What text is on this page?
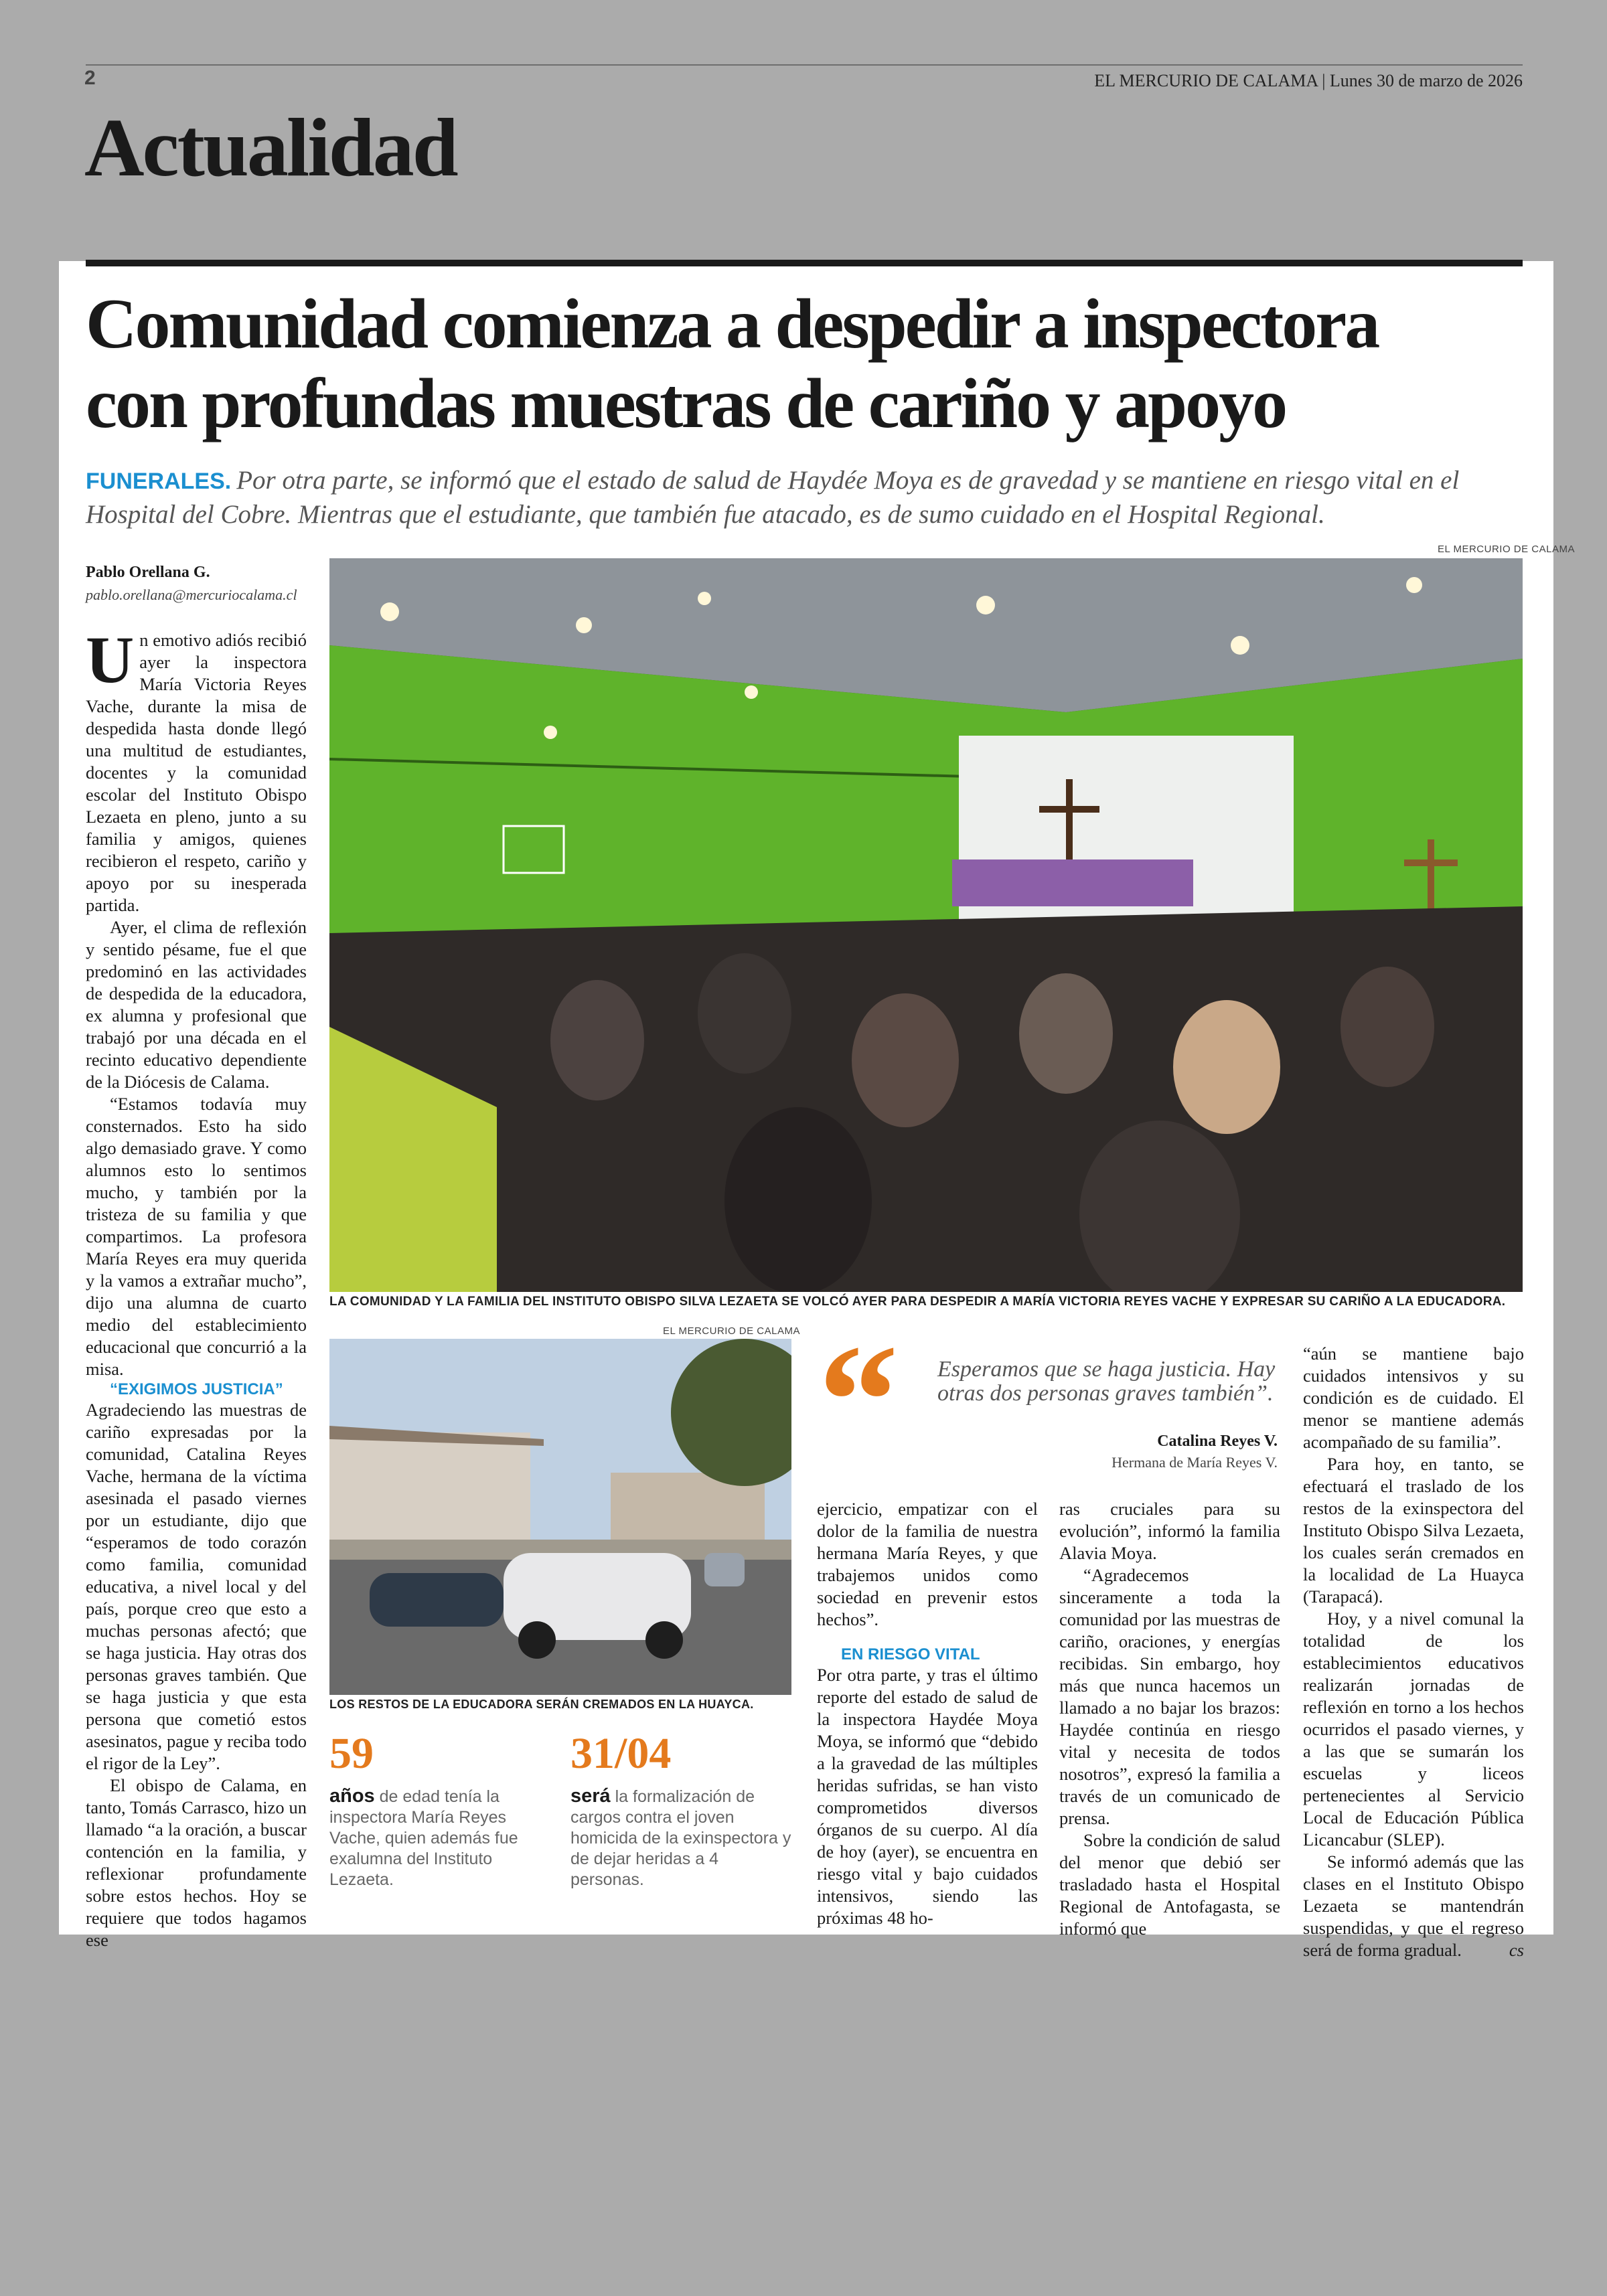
2	EL MERCURIO DE CALAMA | Lunes 30 de marzo de 2026
Actualidad
Comunidad comienza a despedir a inspectora
con profundas muestras de cariño y apoyo
FUNERALES. Por otra parte, se informó que el estado de salud de Haydée Moya es de gravedad y se mantiene en riesgo vital en el Hospital del Cobre. Mientras que el estudiante, que también fue atacado, es de sumo cuidado en el Hospital Regional.
Pablo Orellana G.
pablo.orellana@mercuriocalama.cl

Un emotivo adiós recibió ayer la inspectora María Victoria Reyes Vache, durante la misa de despedida hasta donde llegó una multitud de estudiantes, docentes y la comunidad escolar del Instituto Obispo Lezaeta en pleno, junto a su familia y amigos, quienes recibieron el respeto, cariño y apoyo por su inesperada partida.

Ayer, el clima de reflexión y sentido pésame, fue el que predominó en las actividades de despedida de la educadora, ex alumna y profesional que trabajó por una década en el recinto educativo dependiente de la Diócesis de Calama.

“Estamos todavía muy consternados. Esto ha sido algo demasiado grave. Y como alumnos esto lo sentimos mucho, y también por la tristeza de su familia y que compartimos. La profesora María Reyes era muy querida y la vamos a extrañar mucho”, dijo una alumna de cuarto medio del establecimiento educacional que concurrió a la misa.

“EXIGIMOS JUSTICIA”

Agradeciendo las muestras de cariño expresadas por la comunidad, Catalina Reyes Vache, hermana de la víctima asesinada el pasado viernes por un estudiante, dijo que “esperamos de todo corazón como familia, comunidad educativa, a nivel local y del país, porque creo que esto a muchas personas afectó; que se haga justicia. Hay otras dos personas graves también. Que se haga justicia y que esta persona que cometió estos asesinatos, pague y reciba todo el rigor de la Ley”.

El obispo de Calama, en tanto, Tomás Carrasco, hizo un llamado “a la oración, a buscar contención en la familia, y reflexionar profundamente sobre estos hechos. Hoy se requiere que todos hagamos ese

EL MERCURIO DE CALAMA
LA COMUNIDAD Y LA FAMILIA DEL INSTITUTO OBISPO SILVA LEZAETA SE VOLCÓ AYER PARA DESPEDIR A MARÍA VICTORIA REYES VACHE Y EXPRESAR SU CARIÑO A LA EDUCADORA.
EL MERCURIO DE CALAMA
LOS RESTOS DE LA EDUCADORA SERÁN CREMADOS EN LA HUAYCA.
59
años de edad tenía la inspectora María Reyes Vache, quien además fue exalumna del Instituto Lezaeta.
31/04
será la formalización de cargos contra el joven homicida de la exinspectora y de dejar heridas a 4 personas.
“ Esperamos que se haga justicia. Hay otras dos personas graves también”.
Catalina Reyes V.
Hermana de María Reyes V.

ejercicio, empatizar con el dolor de la familia de nuestra hermana María Reyes, y que trabajemos unidos como sociedad en prevenir estos hechos”.

EN RIESGO VITAL

Por otra parte, y tras el último reporte del estado de salud de la inspectora Haydée Moya Moya, se informó que “debido a la gravedad de las múltiples heridas sufridas, se han visto comprometidos diversos órganos de su cuerpo. Al día de hoy (ayer), se encuentra en riesgo vital y bajo cuidados intensivos, siendo las próximas 48 ho-

ras cruciales para su evolución”, informó la familia Alavia Moya.

“Agradecemos sinceramente a toda la comunidad por las muestras de cariño, oraciones, y energías recibidas. Sin embargo, hoy más que nunca hacemos un llamado a no bajar los brazos: Haydée continúa en riesgo vital y necesita de todos nosotros”, expresó la familia a través de un comunicado de prensa.

Sobre la condición de salud del menor que debió ser trasladado hasta el Hospital Regional de Antofagasta, se informó que

“aún se mantiene bajo cuidados intensivos y su condición es de cuidado. El menor se mantiene además acompañado de su familia”.

Para hoy, en tanto, se efectuará el traslado de los restos de la exinspectora del Instituto Obispo Silva Lezaeta, los cuales serán cremados en la localidad de La Huayca (Tarapacá).

Hoy, y a nivel comunal la totalidad de los establecimientos educativos realizarán jornadas de reflexión en torno a los hechos ocurridos el pasado viernes, y a las que se sumarán los escuelas y liceos pertenecientes al Servicio Local de Educación Pública Licancabur (SLEP).

Se informó además que las clases en el Instituto Obispo Lezaeta se mantendrán suspendidas, y que el regreso será de forma gradual.	cs
